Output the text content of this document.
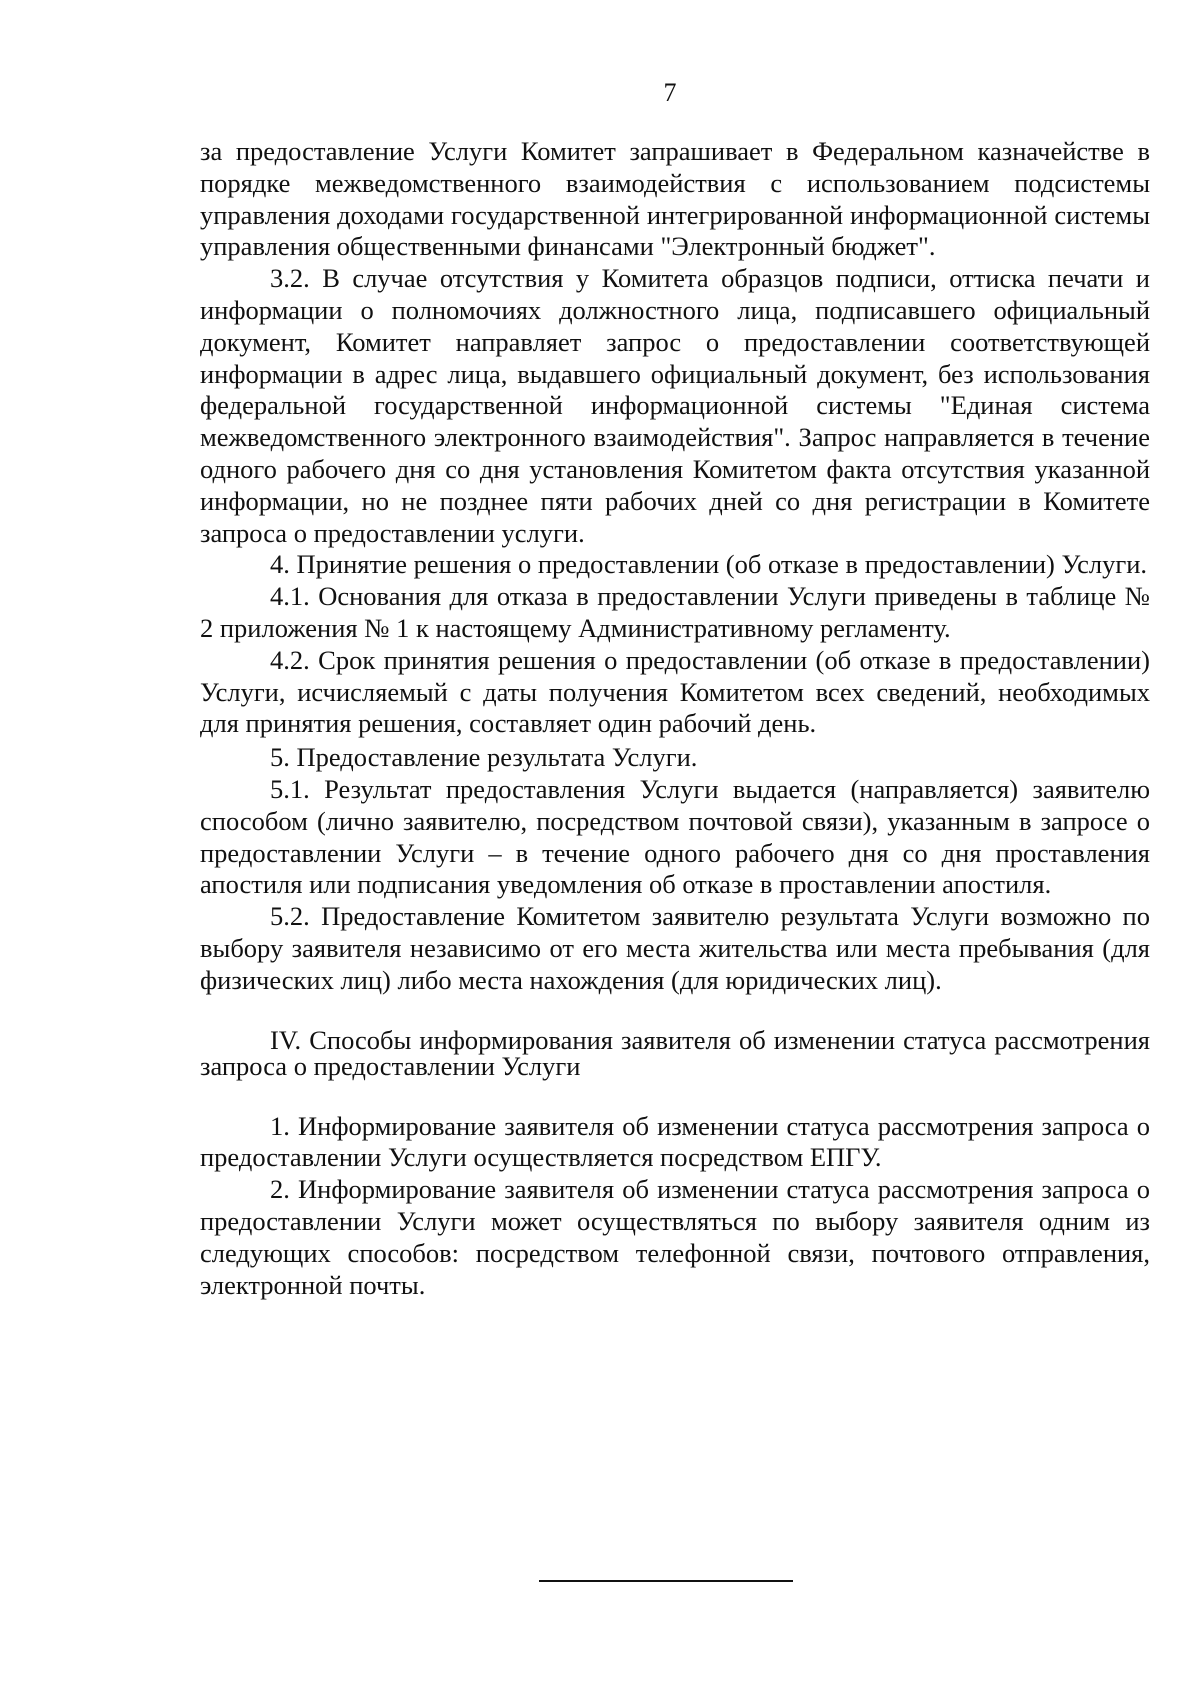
7

за предоставление Услуги Комитет запрашивает в Федеральном казначействе в порядке межведомственного взаимодействия с использованием подсистемы управления доходами государственной интегрированной информационной системы управления общественными финансами "Электронный бюджет".

3.2. В случае отсутствия у Комитета образцов подписи, оттиска печати и информации о полномочиях должностного лица, подписавшего официальный документ, Комитет направляет запрос о предоставлении соответствующей информации в адрес лица, выдавшего официальный документ, без использования федеральной государственной информационной системы "Единая система межведомственного электронного взаимодействия". Запрос направляется в течение одного рабочего дня со дня установления Комитетом факта отсутствия указанной информации, но не позднее пяти рабочих дней со дня регистрации в Комитете запроса о предоставлении услуги.

4. Принятие решения о предоставлении (об отказе в предоставлении) Услуги.

4.1. Основания для отказа в предоставлении Услуги приведены в таблице № 2 приложения № 1 к настоящему Административному регламенту.

4.2. Срок принятия решения о предоставлении (об отказе в предоставлении) Услуги, исчисляемый с даты получения Комитетом всех сведений, необходимых для принятия решения, составляет один рабочий день.

5. Предоставление результата Услуги.

5.1. Результат предоставления Услуги выдается (направляется) заявителю способом (лично заявителю, посредством почтовой связи), указанным в запросе о предоставлении Услуги – в течение одного рабочего дня со дня проставления апостиля или подписания уведомления об отказе в проставлении апостиля.

5.2. Предоставление Комитетом заявителю результата Услуги возможно по выбору заявителя независимо от его места жительства или места пребывания (для физических лиц) либо места нахождения (для юридических лиц).

IV. Способы информирования заявителя об изменении статуса рассмотрения запроса о предоставлении Услуги

1. Информирование заявителя об изменении статуса рассмотрения запроса о предоставлении Услуги осуществляется посредством ЕПГУ.

2. Информирование заявителя об изменении статуса рассмотрения запроса о предоставлении Услуги может осуществляться по выбору заявителя одним из следующих способов: посредством телефонной связи, почтового отправления, электронной почты.
